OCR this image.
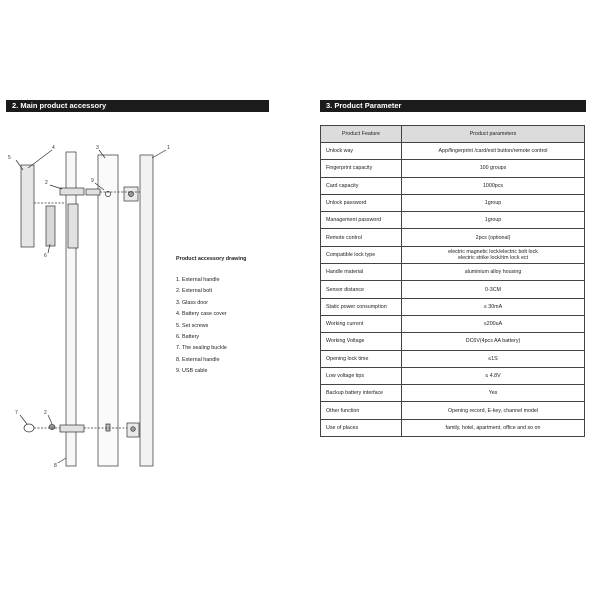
2. Main product accessory	3. Product Parameter
1
2
2
3
4
5
6
7
8
9
Product accessory drawing
1. External handle
2. External bolt
3. Glass door
4. Battery case cover
5. Set screws
6. Battery
7. The sealing buckle
8. External handle
9. USB cable
Product Feature	Product parameters
Unlock way	App/fingerprint /card/exit button/remote control
Fingerprint capacity	100 groups
Card capacity	1000pcs
Unlock password	1group
Management password	1group
Remote control	2pcs (optional)
Compatible lock type	electric magnetic lock/electric bolt lock
electric strike lock/rim lock ect

Handle material	aluminium alloy housing
Sensor distance	0-3CM
Static power consumption	≤ 30mA
Working current	≤200uA
Working Voltage	DC6V(4pcs AA battery)
Opening lock time	≤1S
Low voltage tips	≤ 4.8V
Backup battery interface	Yes
Other function	Opening record, E-key, channel model
Use of places	family, hotel, apartment, office and so on
